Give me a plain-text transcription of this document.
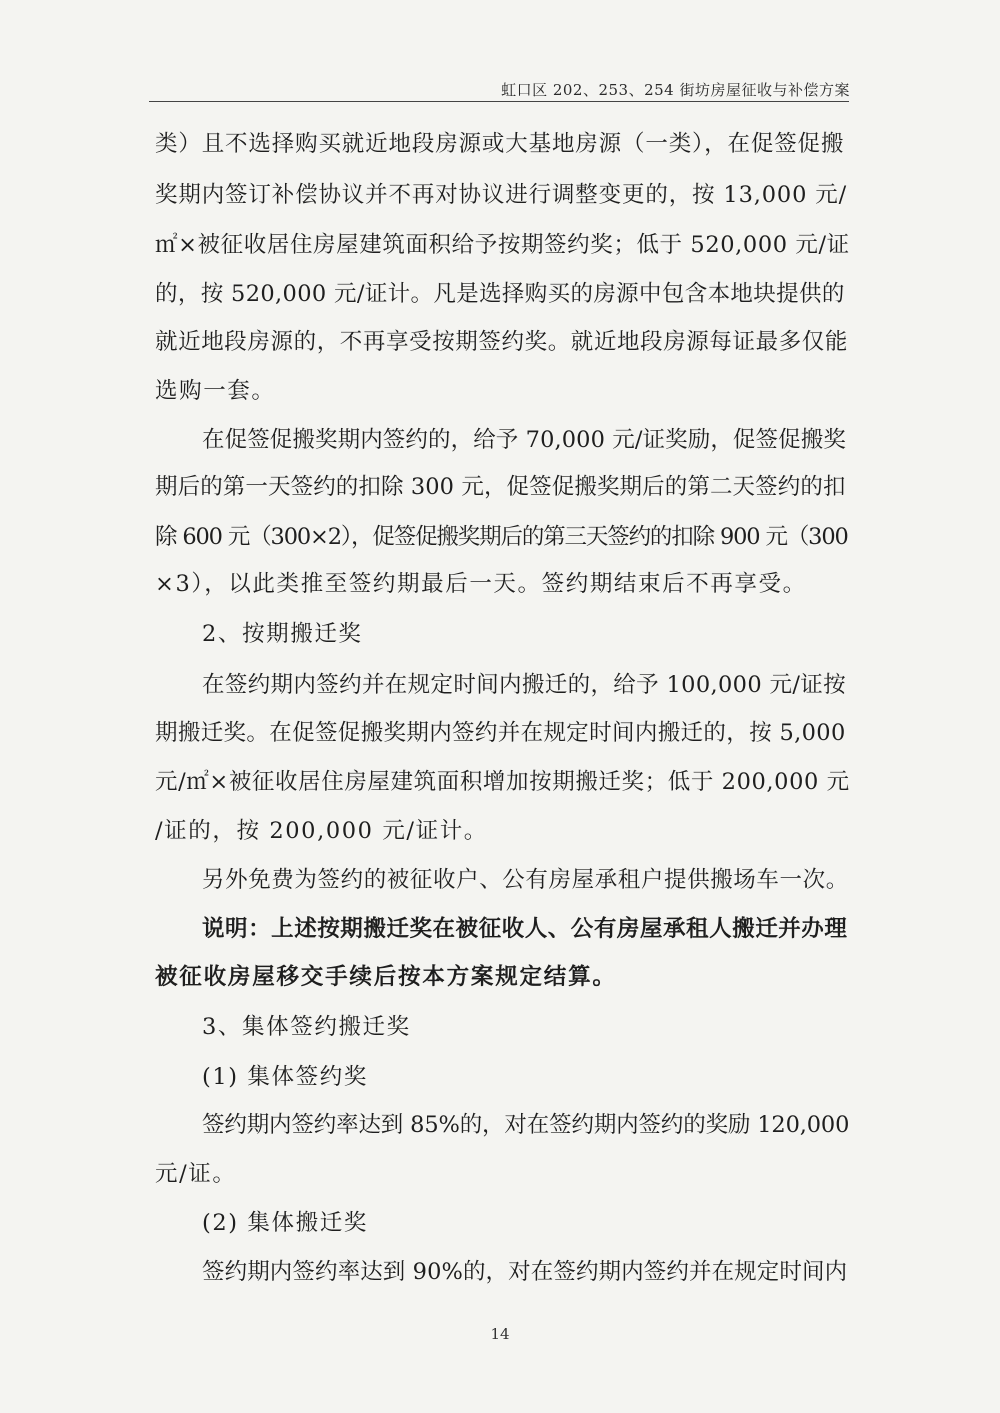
虹口区 202、253、254 街坊房屋征收与补偿方案
类）且不选择购买就近地段房源或大基地房源（一类），在促签促搬
奖期内签订补偿协议并不再对协议进行调整变更的，按 13,000 元/
㎡×被征收居住房屋建筑面积给予按期签约奖；低于 520,000 元/证
的，按 520,000 元/证计。凡是选择购买的房源中包含本地块提供的
就近地段房源的，不再享受按期签约奖。就近地段房源每证最多仅能
选购一套。
在促签促搬奖期内签约的，给予 70,000 元/证奖励，促签促搬奖
期后的第一天签约的扣除 300 元，促签促搬奖期后的第二天签约的扣
除 600 元（300×2），促签促搬奖期后的第三天签约的扣除 900 元（300
×3），以此类推至签约期最后一天。签约期结束后不再享受。
2、按期搬迁奖
在签约期内签约并在规定时间内搬迁的，给予 100,000 元/证按
期搬迁奖。在促签促搬奖期内签约并在规定时间内搬迁的，按 5,000
元/㎡×被征收居住房屋建筑面积增加按期搬迁奖；低于 200,000 元
/证的，按 200,000 元/证计。
另外免费为签约的被征收户、公有房屋承租户提供搬场车一次。
说明：上述按期搬迁奖在被征收人、公有房屋承租人搬迁并办理
被征收房屋移交手续后按本方案规定结算。
3、集体签约搬迁奖
(1) 集体签约奖
签约期内签约率达到 85%的，对在签约期内签约的奖励 120,000
元/证。
(2) 集体搬迁奖
签约期内签约率达到 90%的，对在签约期内签约并在规定时间内
14
